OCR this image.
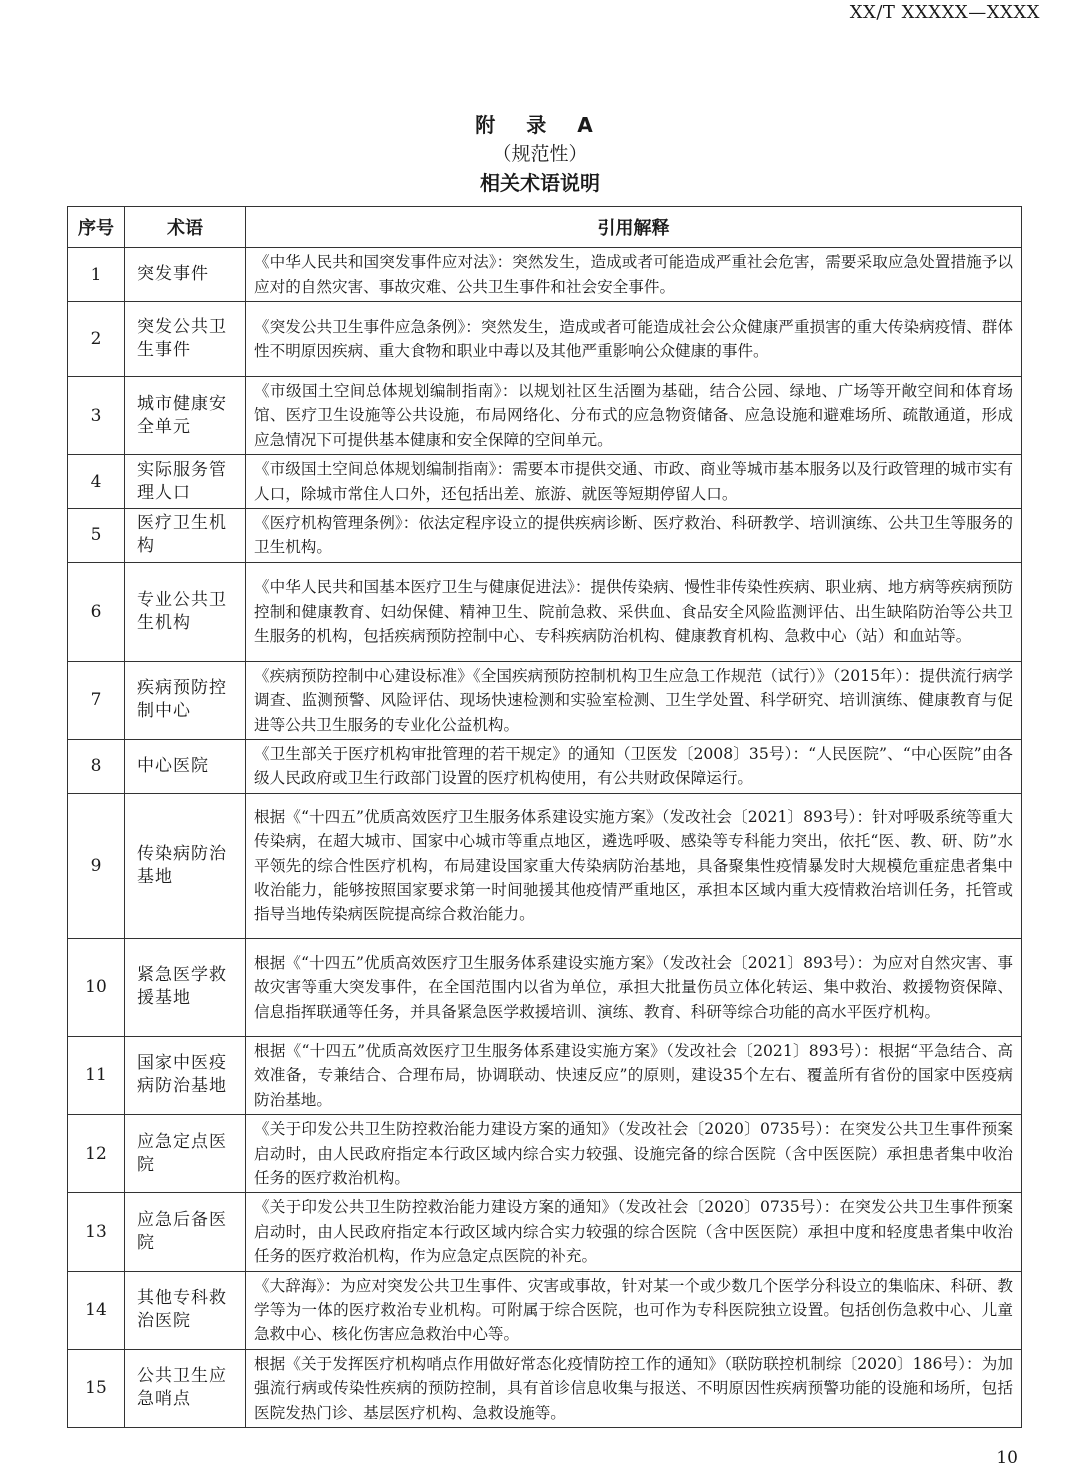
XX/T XXXXX—XXXX
附 录 A
（规范性）
相关术语说明
序号	术语	引用解释
1	突发事件	《中华人民共和国突发事件应对法》：突然发生，造成或者可能造成严重社会危害，需要采取应急处置措施予以应对的自然灾害、事故灾难、公共卫生事件和社会安全事件。
2	突发公共卫生事件	《突发公共卫生事件应急条例》：突然发生，造成或者可能造成社会公众健康严重损害的重大传染病疫情、群体性不明原因疾病、重大食物和职业中毒以及其他严重影响公众健康的事件。
3	城市健康安全单元	《市级国土空间总体规划编制指南》：以规划社区生活圈为基础，结合公园、绿地、广场等开敞空间和体育场馆、医疗卫生设施等公共设施，布局网络化、分布式的应急物资储备、应急设施和避难场所、疏散通道，形成应急情况下可提供基本健康和安全保障的空间单元。
4	实际服务管理人口	《市级国土空间总体规划编制指南》：需要本市提供交通、市政、商业等城市基本服务以及行政管理的城市实有人口，除城市常住人口外，还包括出差、旅游、就医等短期停留人口。
5	医疗卫生机构	《医疗机构管理条例》：依法定程序设立的提供疾病诊断、医疗救治、科研教学、培训演练、公共卫生等服务的卫生机构。
6	专业公共卫生机构	《中华人民共和国基本医疗卫生与健康促进法》：提供传染病、慢性非传染性疾病、职业病、地方病等疾病预防控制和健康教育、妇幼保健、精神卫生、院前急救、采供血、食品安全风险监测评估、出生缺陷防治等公共卫生服务的机构，包括疾病预防控制中心、专科疾病防治机构、健康教育机构、急救中心（站）和血站等。
7	疾病预防控制中心	《疾病预防控制中心建设标准》《全国疾病预防控制机构卫生应急工作规范（试行）》（2015年）：提供流行病学调查、监测预警、风险评估、现场快速检测和实验室检测、卫生学处置、科学研究、培训演练、健康教育与促进等公共卫生服务的专业化公益机构。
8	中心医院	《卫生部关于医疗机构审批管理的若干规定》的通知（卫医发〔2008〕35号）：“人民医院”、“中心医院”由各级人民政府或卫生行政部门设置的医疗机构使用，有公共财政保障运行。
9	传染病防治基地	根据《“十四五”优质高效医疗卫生服务体系建设实施方案》（发改社会〔2021〕893号）：针对呼吸系统等重大传染病，在超大城市、国家中心城市等重点地区，遴选呼吸、感染等专科能力突出，依托“医、教、研、防”水平领先的综合性医疗机构，布局建设国家重大传染病防治基地，具备聚集性疫情暴发时大规模危重症患者集中收治能力，能够按照国家要求第一时间驰援其他疫情严重地区，承担本区域内重大疫情救治培训任务，托管或指导当地传染病医院提高综合救治能力。
10	紧急医学救援基地	根据《“十四五”优质高效医疗卫生服务体系建设实施方案》（发改社会〔2021〕893号）：为应对自然灾害、事故灾害等重大突发事件，在全国范围内以省为单位，承担大批量伤员立体化转运、集中救治、救援物资保障、信息指挥联通等任务，并具备紧急医学救援培训、演练、教育、科研等综合功能的高水平医疗机构。
11	国家中医疫病防治基地	根据《“十四五”优质高效医疗卫生服务体系建设实施方案》（发改社会〔2021〕893号）：根据“平急结合、高效准备，专兼结合、合理布局，协调联动、快速反应”的原则，建设35个左右、覆盖所有省份的国家中医疫病防治基地。
12	应急定点医院	《关于印发公共卫生防控救治能力建设方案的通知》（发改社会〔2020〕0735号）：在突发公共卫生事件预案启动时，由人民政府指定本行政区域内综合实力较强、设施完备的综合医院（含中医医院）承担患者集中收治任务的医疗救治机构。
13	应急后备医院	《关于印发公共卫生防控救治能力建设方案的通知》（发改社会〔2020〕0735号）：在突发公共卫生事件预案启动时，由人民政府指定本行政区域内综合实力较强的综合医院（含中医医院）承担中度和轻度患者集中收治任务的医疗救治机构，作为应急定点医院的补充。
14	其他专科救治医院	《大辞海》：为应对突发公共卫生事件、灾害或事故，针对某一个或少数几个医学分科设立的集临床、科研、教学等为一体的医疗救治专业机构。可附属于综合医院，也可作为专科医院独立设置。包括创伤急救中心、儿童急救中心、核化伤害应急救治中心等。
15	公共卫生应急哨点	根据《关于发挥医疗机构哨点作用做好常态化疫情防控工作的通知》（联防联控机制综〔2020〕186号）：为加强流行病或传染性疾病的预防控制，具有首诊信息收集与报送、不明原因性疾病预警功能的设施和场所，包括医院发热门诊、基层医疗机构、急救设施等。
10
